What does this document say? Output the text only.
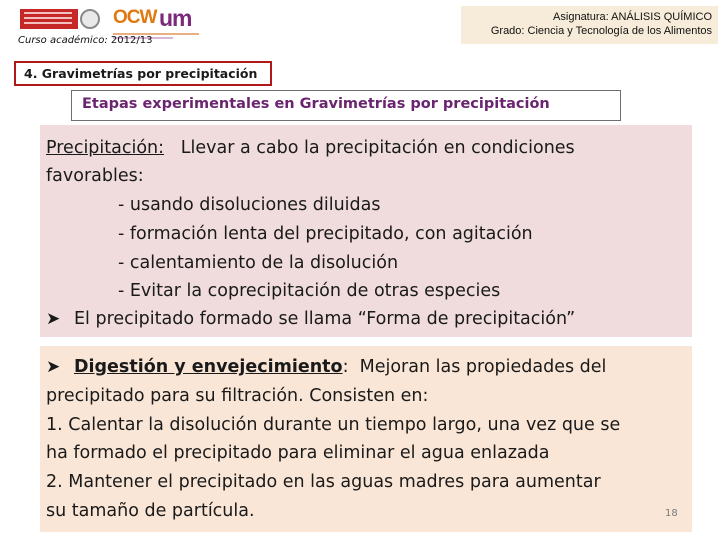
OCW um
Curso académico: 2012/13
Asignatura: ANÁLISIS QUÍMICO
Grado: Ciencia y Tecnología de los Alimentos
4. Gravimetrías por precipitación
Etapas experimentales en Gravimetrías por precipitación
Precipitación: Llevar a cabo la precipitación en condiciones
favorables:
- usando disoluciones diluidas
- formación lenta del precipitado, con agitación
- calentamiento de la disolución
- Evitar la coprecipitación de otras especies
➤ El precipitado formado se llama “Forma de precipitación”
➤ Digestión y envejecimiento: Mejoran las propiedades del
precipitado para su filtración. Consisten en:
1. Calentar la disolución durante un tiempo largo, una vez que se
ha formado el precipitado para eliminar el agua enlazada
2. Mantener el precipitado en las aguas madres para aumentar
su tamaño de partícula.	18
